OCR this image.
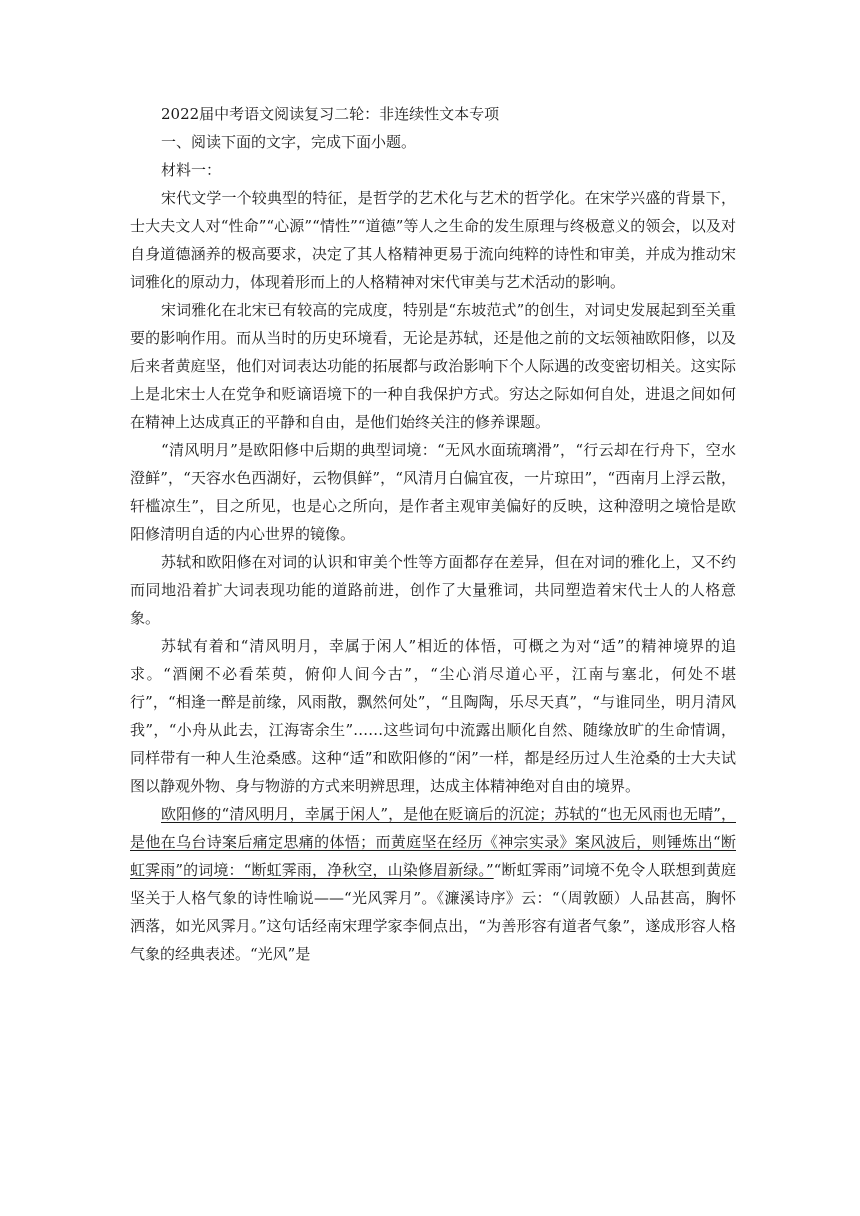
2022届中考语文阅读复习二轮：非连续性文本专项

一、阅读下面的文字，完成下面小题。

材料一：

宋代文学一个较典型的特征，是哲学的艺术化与艺术的哲学化。在宋学兴盛的背景下，士大夫文人对“性命”“心源”“情性”“道德”等人之生命的发生原理与终极意义的领会，以及对自身道德涵养的极高要求，决定了其人格精神更易于流向纯粹的诗性和审美，并成为推动宋词雅化的原动力，体现着形而上的人格精神对宋代审美与艺术活动的影响。

宋词雅化在北宋已有较高的完成度，特别是“东坡范式”的创生，对词史发展起到至关重要的影响作用。而从当时的历史环境看，无论是苏轼，还是他之前的文坛领袖欧阳修，以及后来者黄庭坚，他们对词表达功能的拓展都与政治影响下个人际遇的改变密切相关。这实际上是北宋士人在党争和贬谪语境下的一种自我保护方式。穷达之际如何自处，进退之间如何在精神上达成真正的平静和自由，是他们始终关注的修养课题。

“清风明月”是欧阳修中后期的典型词境：“无风水面琉璃滑”，“行云却在行舟下，空水澄鲜”，“天容水色西湖好，云物俱鲜”，“风清月白偏宜夜，一片琼田”，“西南月上浮云散，轩槛凉生”，目之所见，也是心之所向，是作者主观审美偏好的反映，这种澄明之境恰是欧阳修清明自适的内心世界的镜像。

苏轼和欧阳修在对词的认识和审美个性等方面都存在差异，但在对词的雅化上，又不约而同地沿着扩大词表现功能的道路前进，创作了大量雅词，共同塑造着宋代士人的人格意象。

苏轼有着和“清风明月，幸属于闲人”相近的体悟，可概之为对“适”的精神境界的追求。“酒阑不必看茱萸，俯仰人间今古”，“尘心消尽道心平，江南与塞北，何处不堪行”，“相逢一醉是前缘，风雨散，飘然何处”，“且陶陶，乐尽天真”，“与谁同坐，明月清风我”，“小舟从此去，江海寄余生”……这些词句中流露出顺化自然、随缘放旷的生命情调，同样带有一种人生沧桑感。这种“适”和欧阳修的“闲”一样，都是经历过人生沧桑的士大夫试图以静观外物、身与物游的方式来明辨思理，达成主体精神绝对自由的境界。

欧阳修的“清风明月，幸属于闲人”，是他在贬谪后的沉淀；苏轼的“也无风雨也无晴”，是他在乌台诗案后痛定思痛的体悟；而黄庭坚在经历《神宗实录》案风波后，则锤炼出“断虹霁雨”的词境：“断虹霁雨，净秋空，山染修眉新绿。”“断虹霁雨”词境不免令人联想到黄庭坚关于人格气象的诗性喻说——“光风霁月”。《濂溪诗序》云：“（周敦颐）人品甚高，胸怀洒落，如光风霁月。”这句话经南宋理学家李侗点出，“为善形容有道者气象”，遂成形容人格气象的经典表述。“光风”是
